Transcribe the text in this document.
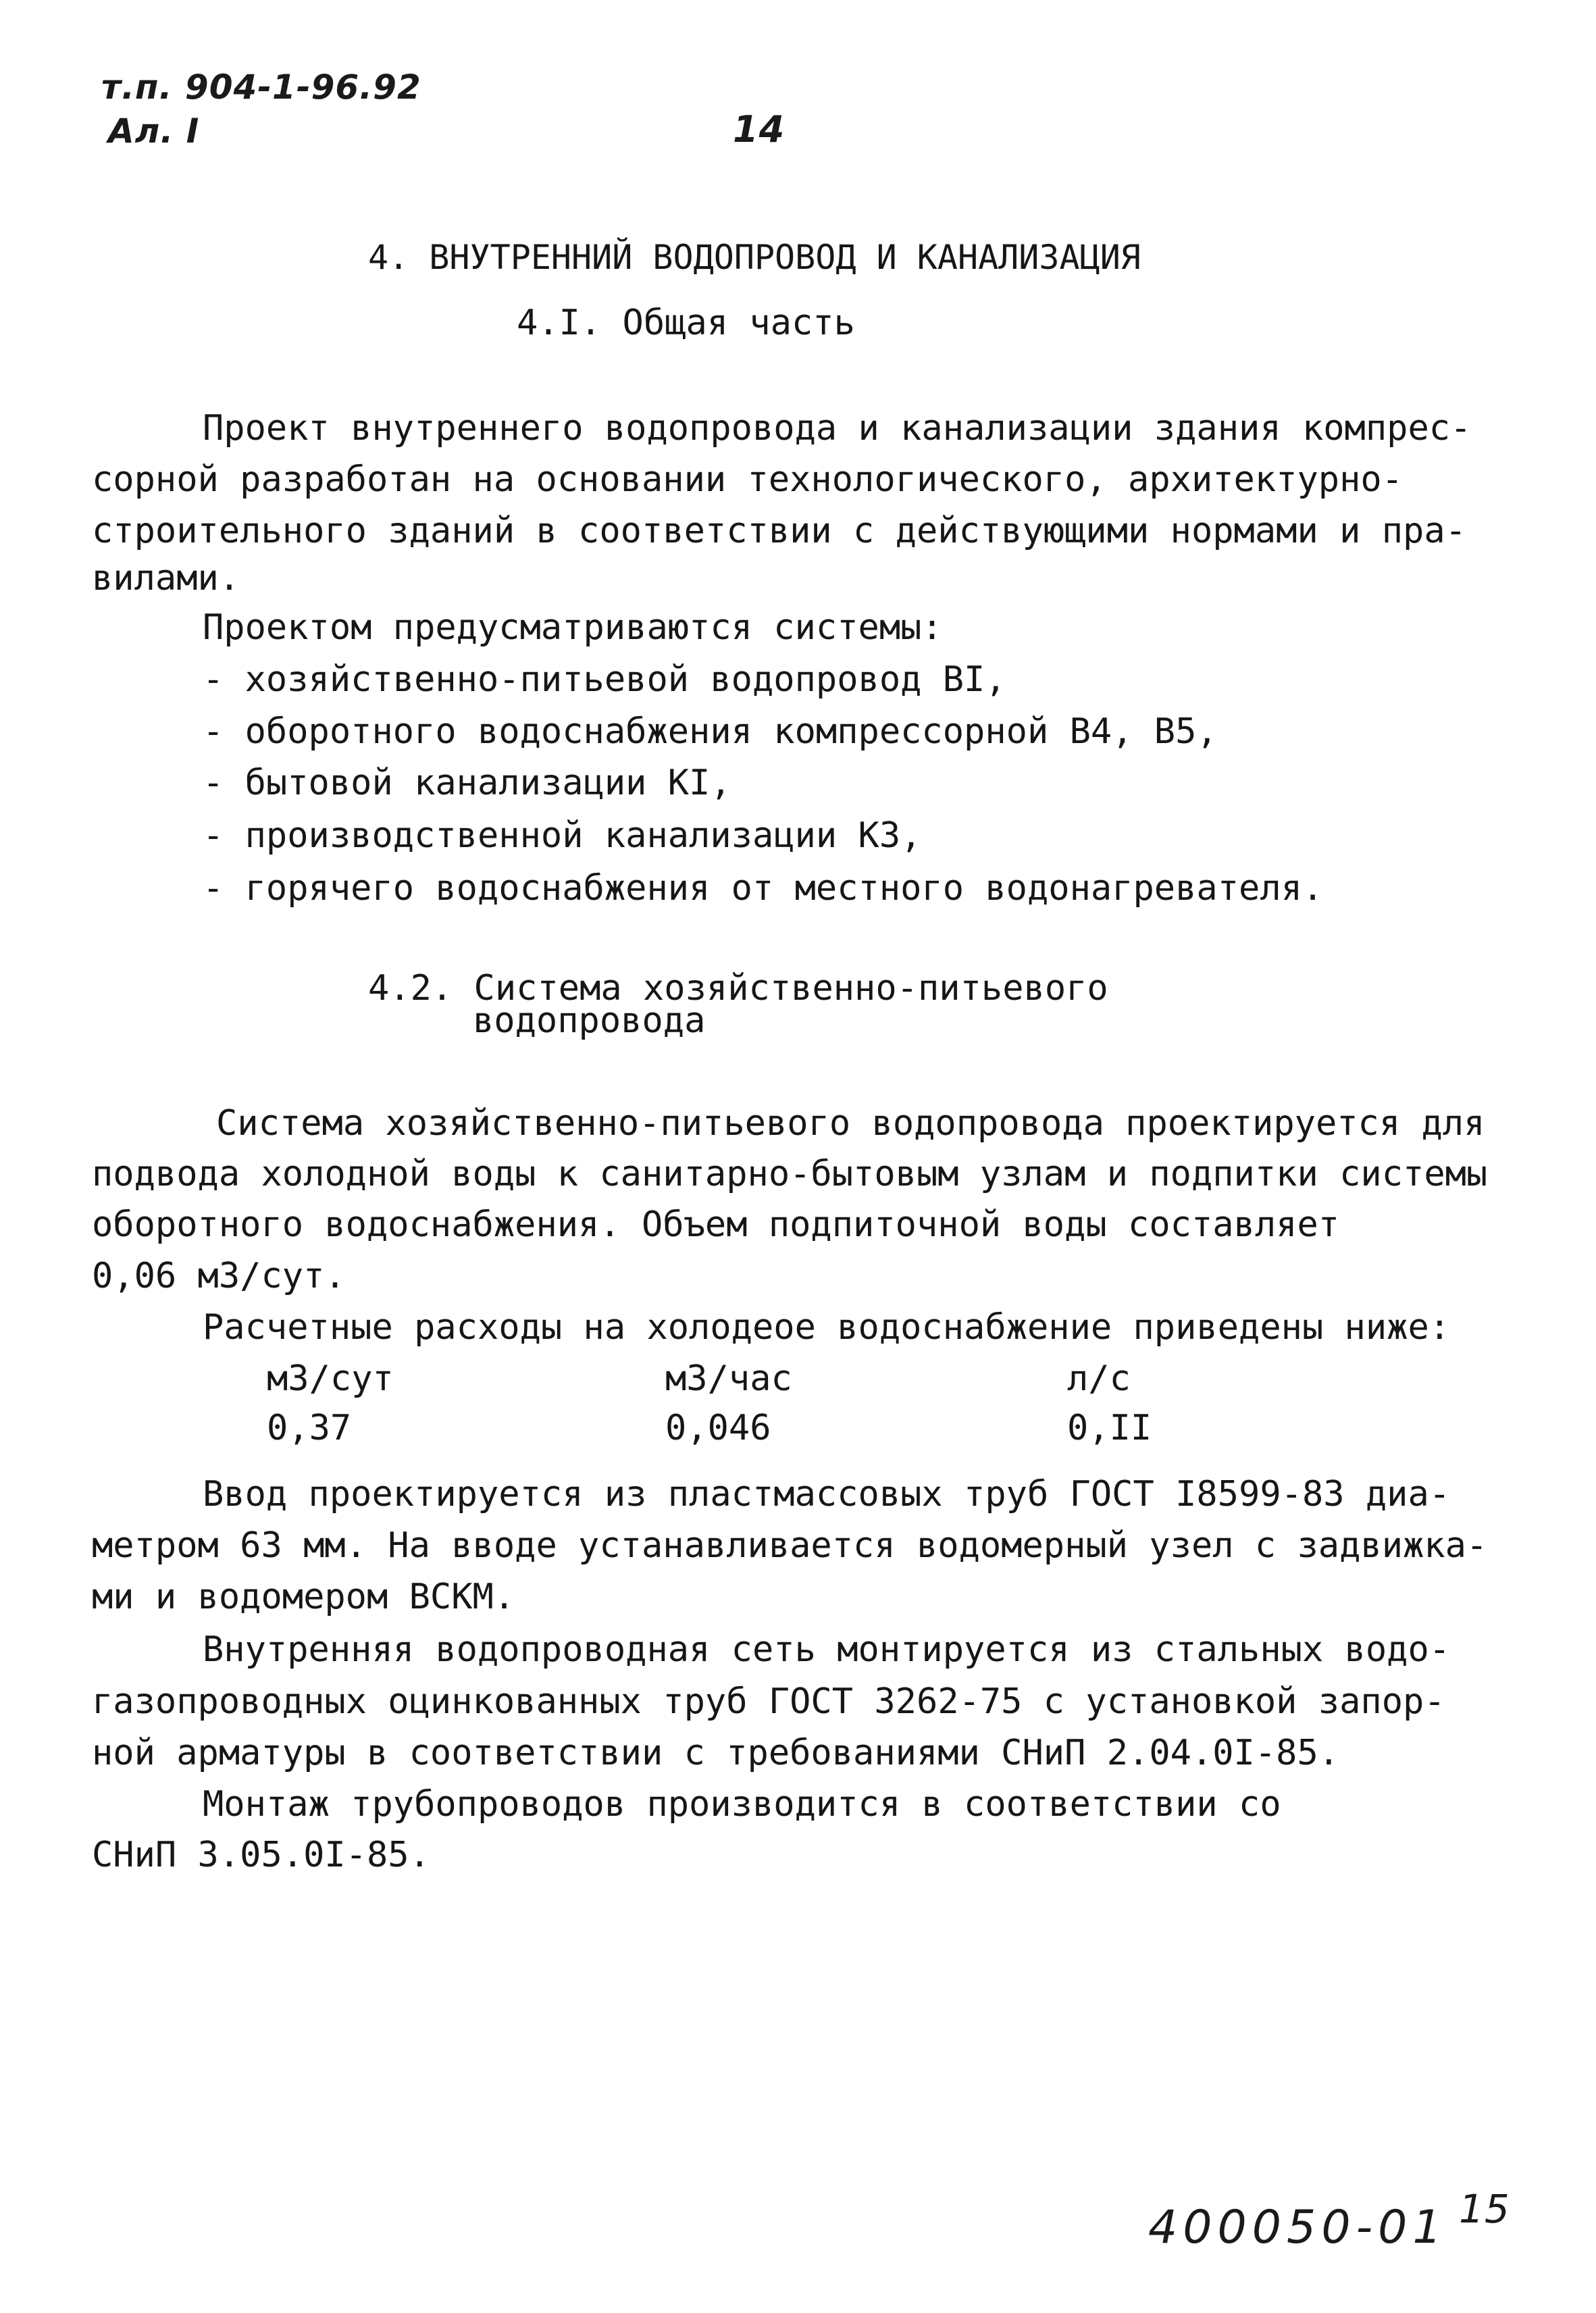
т.п. 904-1-96.92
Ал. I	14
4. ВНУТРЕННИЙ ВОДОПРОВОД И КАНАЛИЗАЦИЯ
4.I. Общая часть
Проект внутреннего водопровода и канализации здания компрес-
сорной разработан на основании технологического, архитектурно-
строительного зданий в соответствии с действующими нормами и пра-
вилами.
Проектом предусматриваются системы:
- хозяйственно-питьевой водопровод ВI,
- оборотного водоснабжения компрессорной В4, В5,
- бытовой канализации КI,
- производственной канализации К3,
- горячего водоснабжения от местного водонагревателя.
4.2. Система хозяйственно-питьевого
водопровода
Система хозяйственно-питьевого водопровода проектируется для
подвода холодной воды к санитарно-бытовым узлам и подпитки системы
оборотного водоснабжения. Объем подпиточной воды составляет
0,06 м3/сут.
Расчетные расходы на холодеое водоснабжение приведены ниже:
м3/сут	м3/час	л/с
0,37	0,046	0,II
Ввод проектируется из пластмассовых труб ГОСТ I8599-83 диа-
метром 63 мм. На вводе устанавливается водомерный узел с задвижка-
ми и водомером ВСКМ.
Внутренняя водопроводная сеть монтируется из стальных водо-
газопроводных оцинкованных труб ГОСТ 3262-75 с установкой запор-
ной арматуры в соответствии с требованиями СНиП 2.04.0I-85.
Монтаж трубопроводов производится в соответствии со
СНиП 3.05.0I-85.
400050-01 15
